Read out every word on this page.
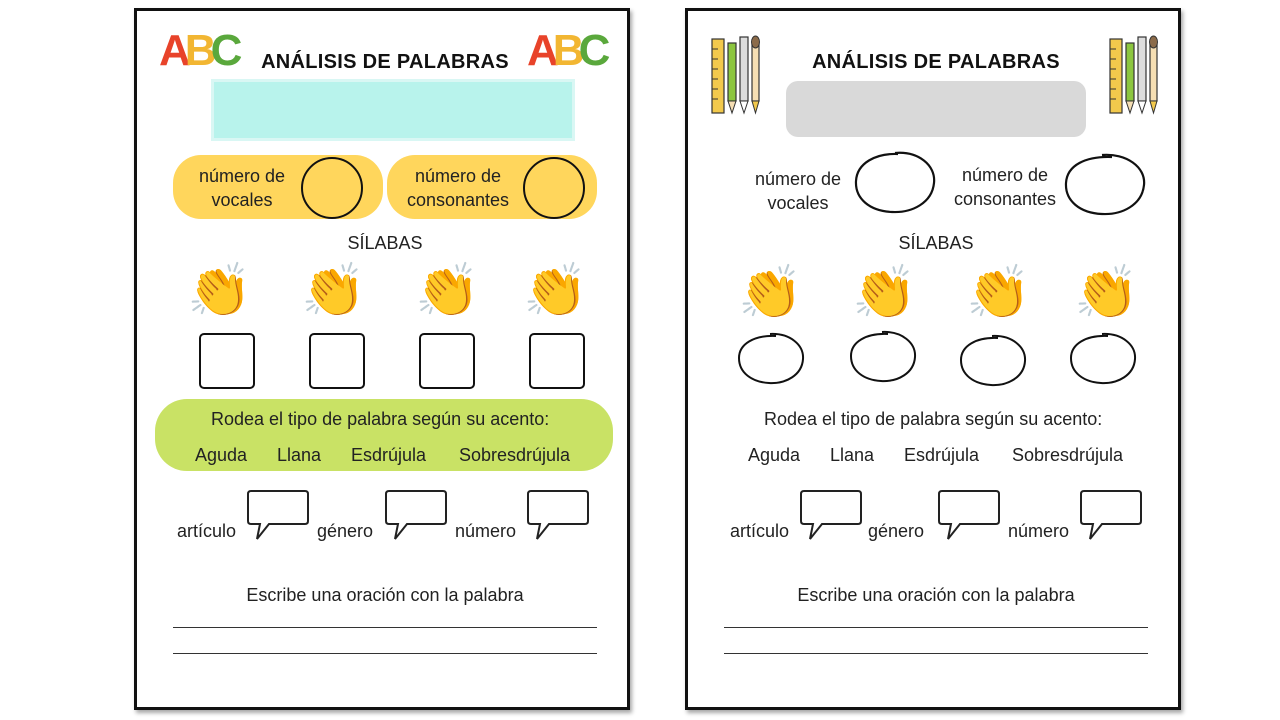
ABC	ABC
ANÁLISIS DE PALABRAS
número de
vocales
número de
consonantes
SÍLABAS
👏 👏 👏 👏
Rodea el tipo de palabra según su acento:
Aguda Llana Esdrújula Sobresdrújula
artículo	género	número
Escribe una oración con la palabra
ANÁLISIS DE PALABRAS
número de
vocales
número de
consonantes
SÍLABAS
👏 👏 👏 👏
Rodea el tipo de palabra según su acento:
Aguda Llana Esdrújula Sobresdrújula
artículo	género	número
Escribe una oración con la palabra
